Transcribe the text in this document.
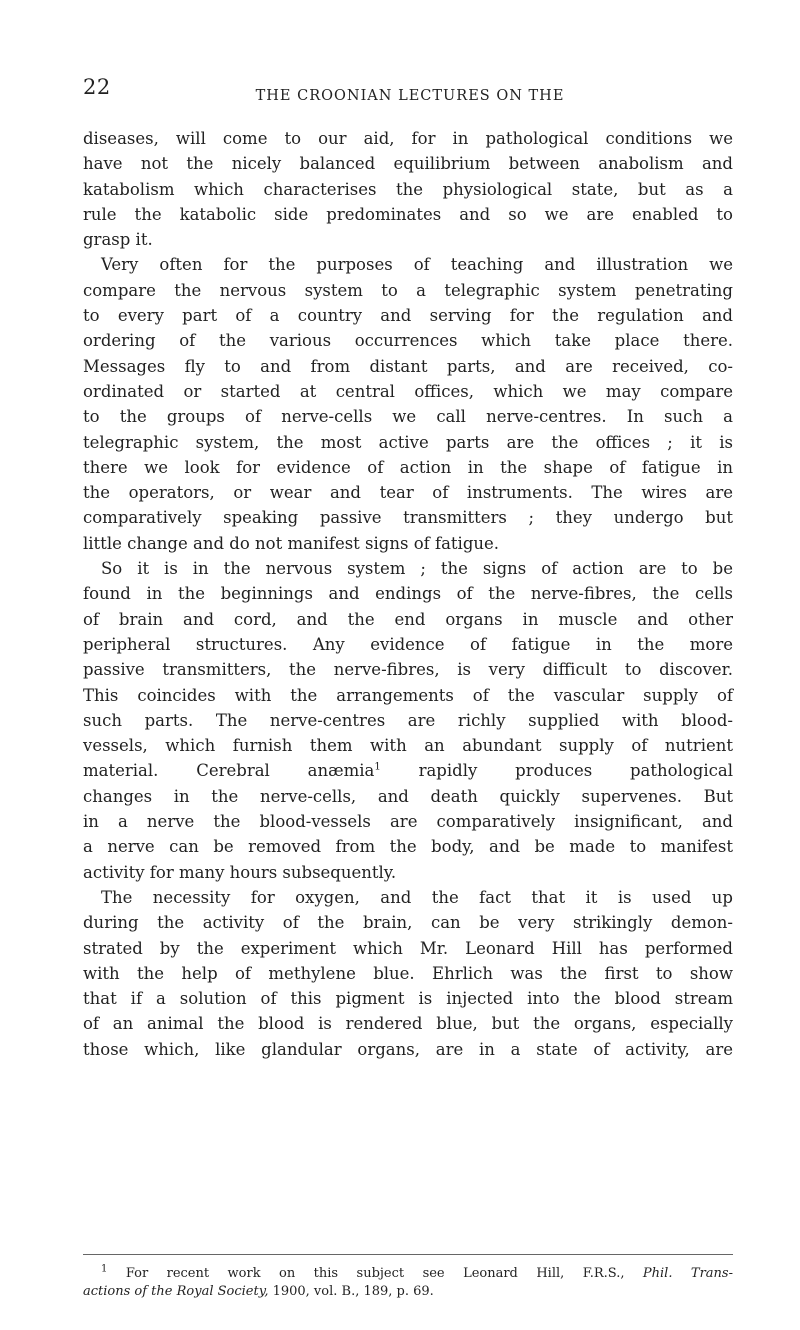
22	THE CROONIAN LECTURES ON THE
diseases, will come to our aid, for in pathological conditions we
have not the nicely balanced equilibrium between anabolism and
katabolism which characterises the physiological state, but as a
rule the katabolic side predominates and so we are enabled to
grasp it.
Very often for the purposes of teaching and illustration we
compare the nervous system to a telegraphic system penetrating
to every part of a country and serving for the regulation and
ordering of the various occurrences which take place there.
Messages fly to and from distant parts, and are received, co-
ordinated or started at central offices, which we may compare
to the groups of nerve-cells we call nerve-centres. In such a
telegraphic system, the most active parts are the offices ; it is
there we look for evidence of action in the shape of fatigue in
the operators, or wear and tear of instruments. The wires are
comparatively speaking passive transmitters ; they undergo but
little change and do not manifest signs of fatigue.
So it is in the nervous system ; the signs of action are to be
found in the beginnings and endings of the nerve-fibres, the cells
of brain and cord, and the end organs in muscle and other
peripheral structures. Any evidence of fatigue in the more
passive transmitters, the nerve-fibres, is very difficult to discover.
This coincides with the arrangements of the vascular supply of
such parts. The nerve-centres are richly supplied with blood-
vessels, which furnish them with an abundant supply of nutrient
material. Cerebral anæmia$^1$ rapidly produces pathological
changes in the nerve-cells, and death quickly supervenes. But
in a nerve the blood-vessels are comparatively insignificant, and
a nerve can be removed from the body, and be made to manifest
activity for many hours subsequently.
The necessity for oxygen, and the fact that it is used up
during the activity of the brain, can be very strikingly demon-
strated by the experiment which Mr. Leonard Hill has performed
with the help of methylene blue. Ehrlich was the first to show
that if a solution of this pigment is injected into the blood stream
of an animal the blood is rendered blue, but the organs, especially
those which, like glandular organs, are in a state of activity, are
$^1$ For recent work on this subject see Leonard Hill, F.R.S., Phil. Trans-
actions of the Royal Society, 1900, vol. B., 189, p. 69.
